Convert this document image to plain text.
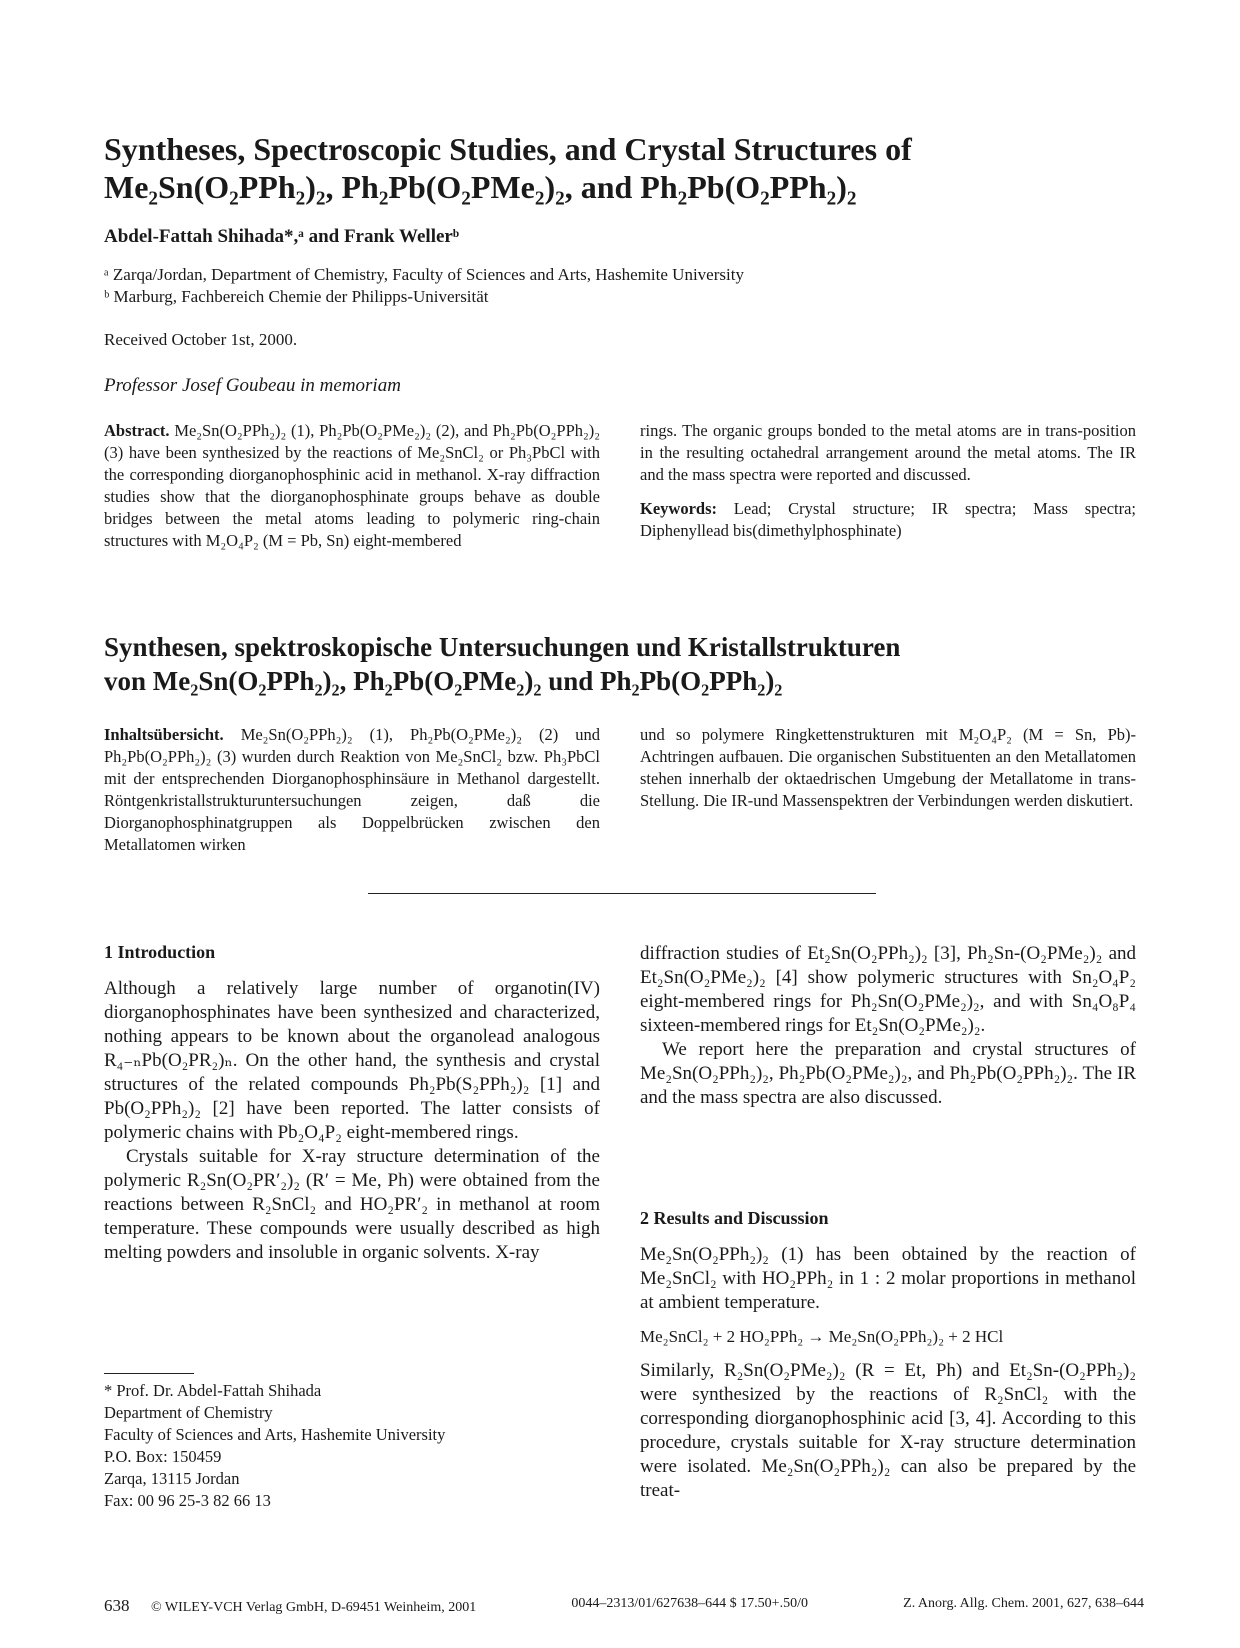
Syntheses, Spectroscopic Studies, and Crystal Structures of Me₂Sn(O₂PPh₂)₂, Ph₂Pb(O₂PMe₂)₂, and Ph₂Pb(O₂PPh₂)₂
Abdel-Fattah Shihada*,ᵃ and Frank Wellerᵇ
ᵃ Zarqa/Jordan, Department of Chemistry, Faculty of Sciences and Arts, Hashemite University
ᵇ Marburg, Fachbereich Chemie der Philipps-Universität
Received October 1st, 2000.
Professor Josef Goubeau in memoriam
Abstract. Me₂Sn(O₂PPh₂)₂ (1), Ph₂Pb(O₂PMe₂)₂ (2), and Ph₂Pb(O₂PPh₂)₂ (3) have been synthesized by the reactions of Me₂SnCl₂ or Ph₃PbCl with the corresponding diorganophosphinic acid in methanol. X-ray diffraction studies show that the diorganophosphinate groups behave as double bridges between the metal atoms leading to polymeric ring-chain structures with M₂O₄P₂ (M = Pb, Sn) eight-membered
rings. The organic groups bonded to the metal atoms are in trans-position in the resulting octahedral arrangement around the metal atoms. The IR and the mass spectra were reported and discussed.
Keywords: Lead; Crystal structure; IR spectra; Mass spectra; Diphenyllead bis(dimethylphosphinate)
Synthesen, spektroskopische Untersuchungen und Kristallstrukturen
von Me₂Sn(O₂PPh₂)₂, Ph₂Pb(O₂PMe₂)₂ und Ph₂Pb(O₂PPh₂)₂
Inhaltsübersicht. Me₂Sn(O₂PPh₂)₂ (1), Ph₂Pb(O₂PMe₂)₂ (2) und Ph₂Pb(O₂PPh₂)₂ (3) wurden durch Reaktion von Me₂SnCl₂ bzw. Ph₃PbCl mit der entsprechenden Diorganophosphinsäure in Methanol dargestellt. Röntgenkristallstrukturuntersuchungen zeigen, daß die Diorganophosphinatgruppen als Doppelbrücken zwischen den Metallatomen wirken
und so polymere Ringkettenstrukturen mit M₂O₄P₂ (M = Sn, Pb)-Achtringen aufbauen. Die organischen Substituenten an den Metallatomen stehen innerhalb der oktaedrischen Umgebung der Metallatome in trans-Stellung. Die IR-und Massenspektren der Verbindungen werden diskutiert.
1 Introduction

Although a relatively large number of organotin(IV) diorganophosphinates have been synthesized and characterized, nothing appears to be known about the organolead analogous R₄₋ₙPb(O₂PR₂)ₙ. On the other hand, the synthesis and crystal structures of the related compounds Ph₂Pb(S₂PPh₂)₂ [1] and Pb(O₂PPh₂)₂ [2] have been reported. The latter consists of polymeric chains with Pb₂O₄P₂ eight-membered rings.

Crystals suitable for X-ray structure determination of the polymeric R₂Sn(O₂PR′₂)₂ (R′ = Me, Ph) were obtained from the reactions between R₂SnCl₂ and HO₂PR′₂ in methanol at room temperature. These compounds were usually described as high melting powders and insoluble in organic solvents. X-ray

diffraction studies of Et₂Sn(O₂PPh₂)₂ [3], Ph₂Sn-(O₂PMe₂)₂ and Et₂Sn(O₂PMe₂)₂ [4] show polymeric structures with Sn₂O₄P₂ eight-membered rings for Ph₂Sn(O₂PMe₂)₂, and with Sn₄O₈P₄ sixteen-membered rings for Et₂Sn(O₂PMe₂)₂.

We report here the preparation and crystal structures of Me₂Sn(O₂PPh₂)₂, Ph₂Pb(O₂PMe₂)₂, and Ph₂Pb(O₂PPh₂)₂. The IR and the mass spectra are also discussed.

2 Results and Discussion
Me₂Sn(O₂PPh₂)₂ (1) has been obtained by the reaction of Me₂SnCl₂ with HO₂PPh₂ in 1 : 2 molar proportions in methanol at ambient temperature.
Me₂SnCl₂ + 2 HO₂PPh₂ → Me₂Sn(O₂PPh₂)₂ + 2 HCl
Similarly, R₂Sn(O₂PMe₂)₂ (R = Et, Ph) and Et₂Sn-(O₂PPh₂)₂ were synthesized by the reactions of R₂SnCl₂ with the corresponding diorganophosphinic acid [3, 4]. According to this procedure, crystals suitable for X-ray structure determination were isolated. Me₂Sn(O₂PPh₂)₂ can also be prepared by the treat-
* Prof. Dr. Abdel-Fattah Shihada
Department of Chemistry
Faculty of Sciences and Arts, Hashemite University
P.O. Box: 150459
Zarqa, 13115 Jordan
Fax: 00 96 25-3 82 66 13
638 © WILEY-VCH Verlag GmbH, D-69451 Weinheim, 2001	0044–2313/01/627638–644 $ 17.50+.50/0	Z. Anorg. Allg. Chem. 2001, 627, 638–644
